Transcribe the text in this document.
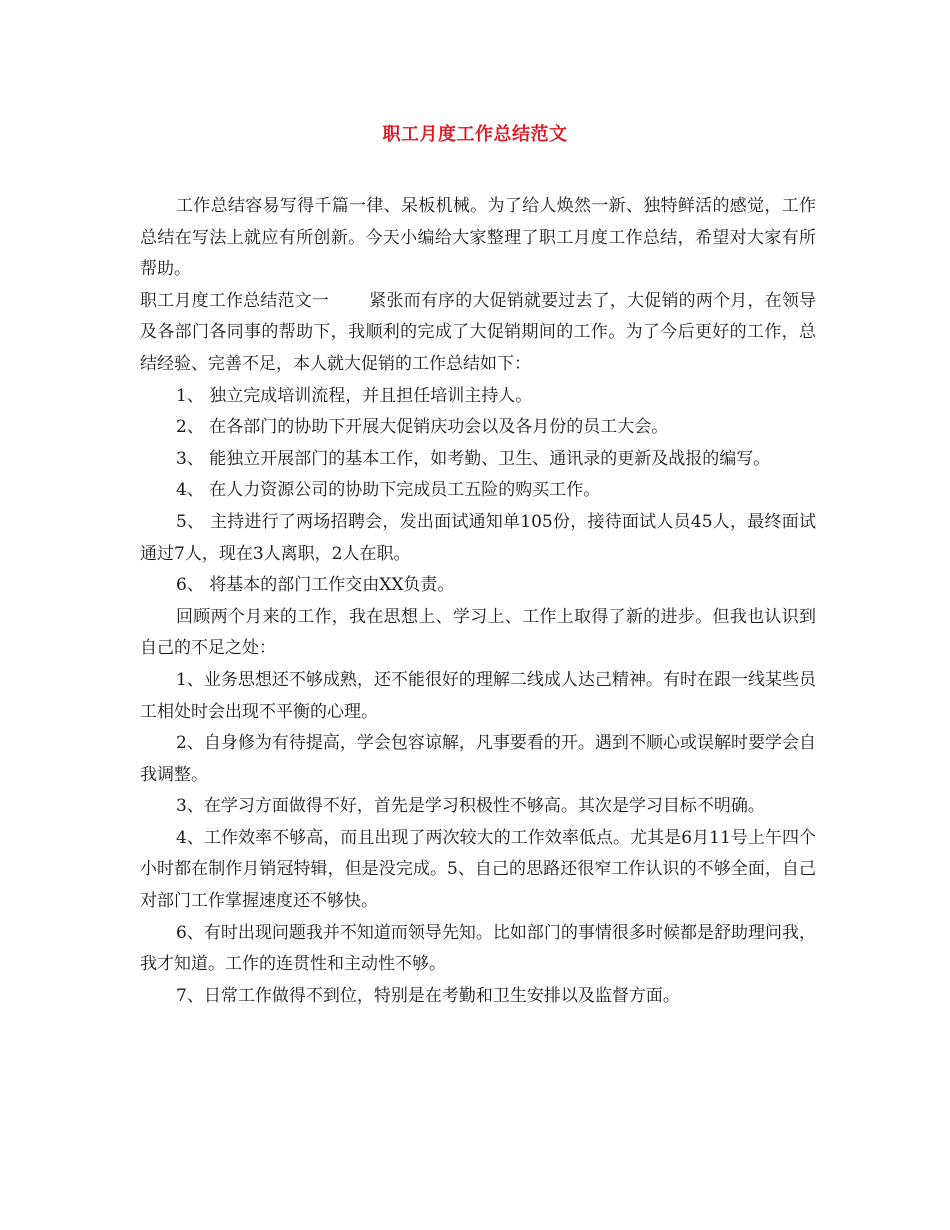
职工月度工作总结范文

工作总结容易写得千篇一律、呆板机械。为了给人焕然一新、独特鲜活的感觉，工作总结在写法上就应有所创新。今天小编给大家整理了职工月度工作总结，希望对大家有所帮助。

职工月度工作总结范文一 紧张而有序的大促销就要过去了，大促销的两个月，在领导及各部门各同事的帮助下，我顺利的完成了大促销期间的工作。为了今后更好的工作，总结经验、完善不足，本人就大促销的工作总结如下：

1、 独立完成培训流程，并且担任培训主持人。

2、 在各部门的协助下开展大促销庆功会以及各月份的员工大会。

3、 能独立开展部门的基本工作，如考勤、卫生、通讯录的更新及战报的编写。

4、 在人力资源公司的协助下完成员工五险的购买工作。

5、 主持进行了两场招聘会，发出面试通知单105份，接待面试人员45人，最终面试通过7人，现在3人离职，2人在职。

6、 将基本的部门工作交由XX负责。

回顾两个月来的工作，我在思想上、学习上、工作上取得了新的进步。但我也认识到自己的不足之处：

1、业务思想还不够成熟，还不能很好的理解二线成人达己精神。有时在跟一线某些员工相处时会出现不平衡的心理。

2、自身修为有待提高，学会包容谅解，凡事要看的开。遇到不顺心或误解时要学会自我调整。

3、在学习方面做得不好，首先是学习积极性不够高。其次是学习目标不明确。

4、工作效率不够高，而且出现了两次较大的工作效率低点。尤其是6月11号上午四个小时都在制作月销冠特辑，但是没完成。5、自己的思路还很窄工作认识的不够全面，自己对部门工作掌握速度还不够快。

6、有时出现问题我并不知道而领导先知。比如部门的事情很多时候都是舒助理问我，我才知道。工作的连贯性和主动性不够。

7、日常工作做得不到位，特别是在考勤和卫生安排以及监督方面。
